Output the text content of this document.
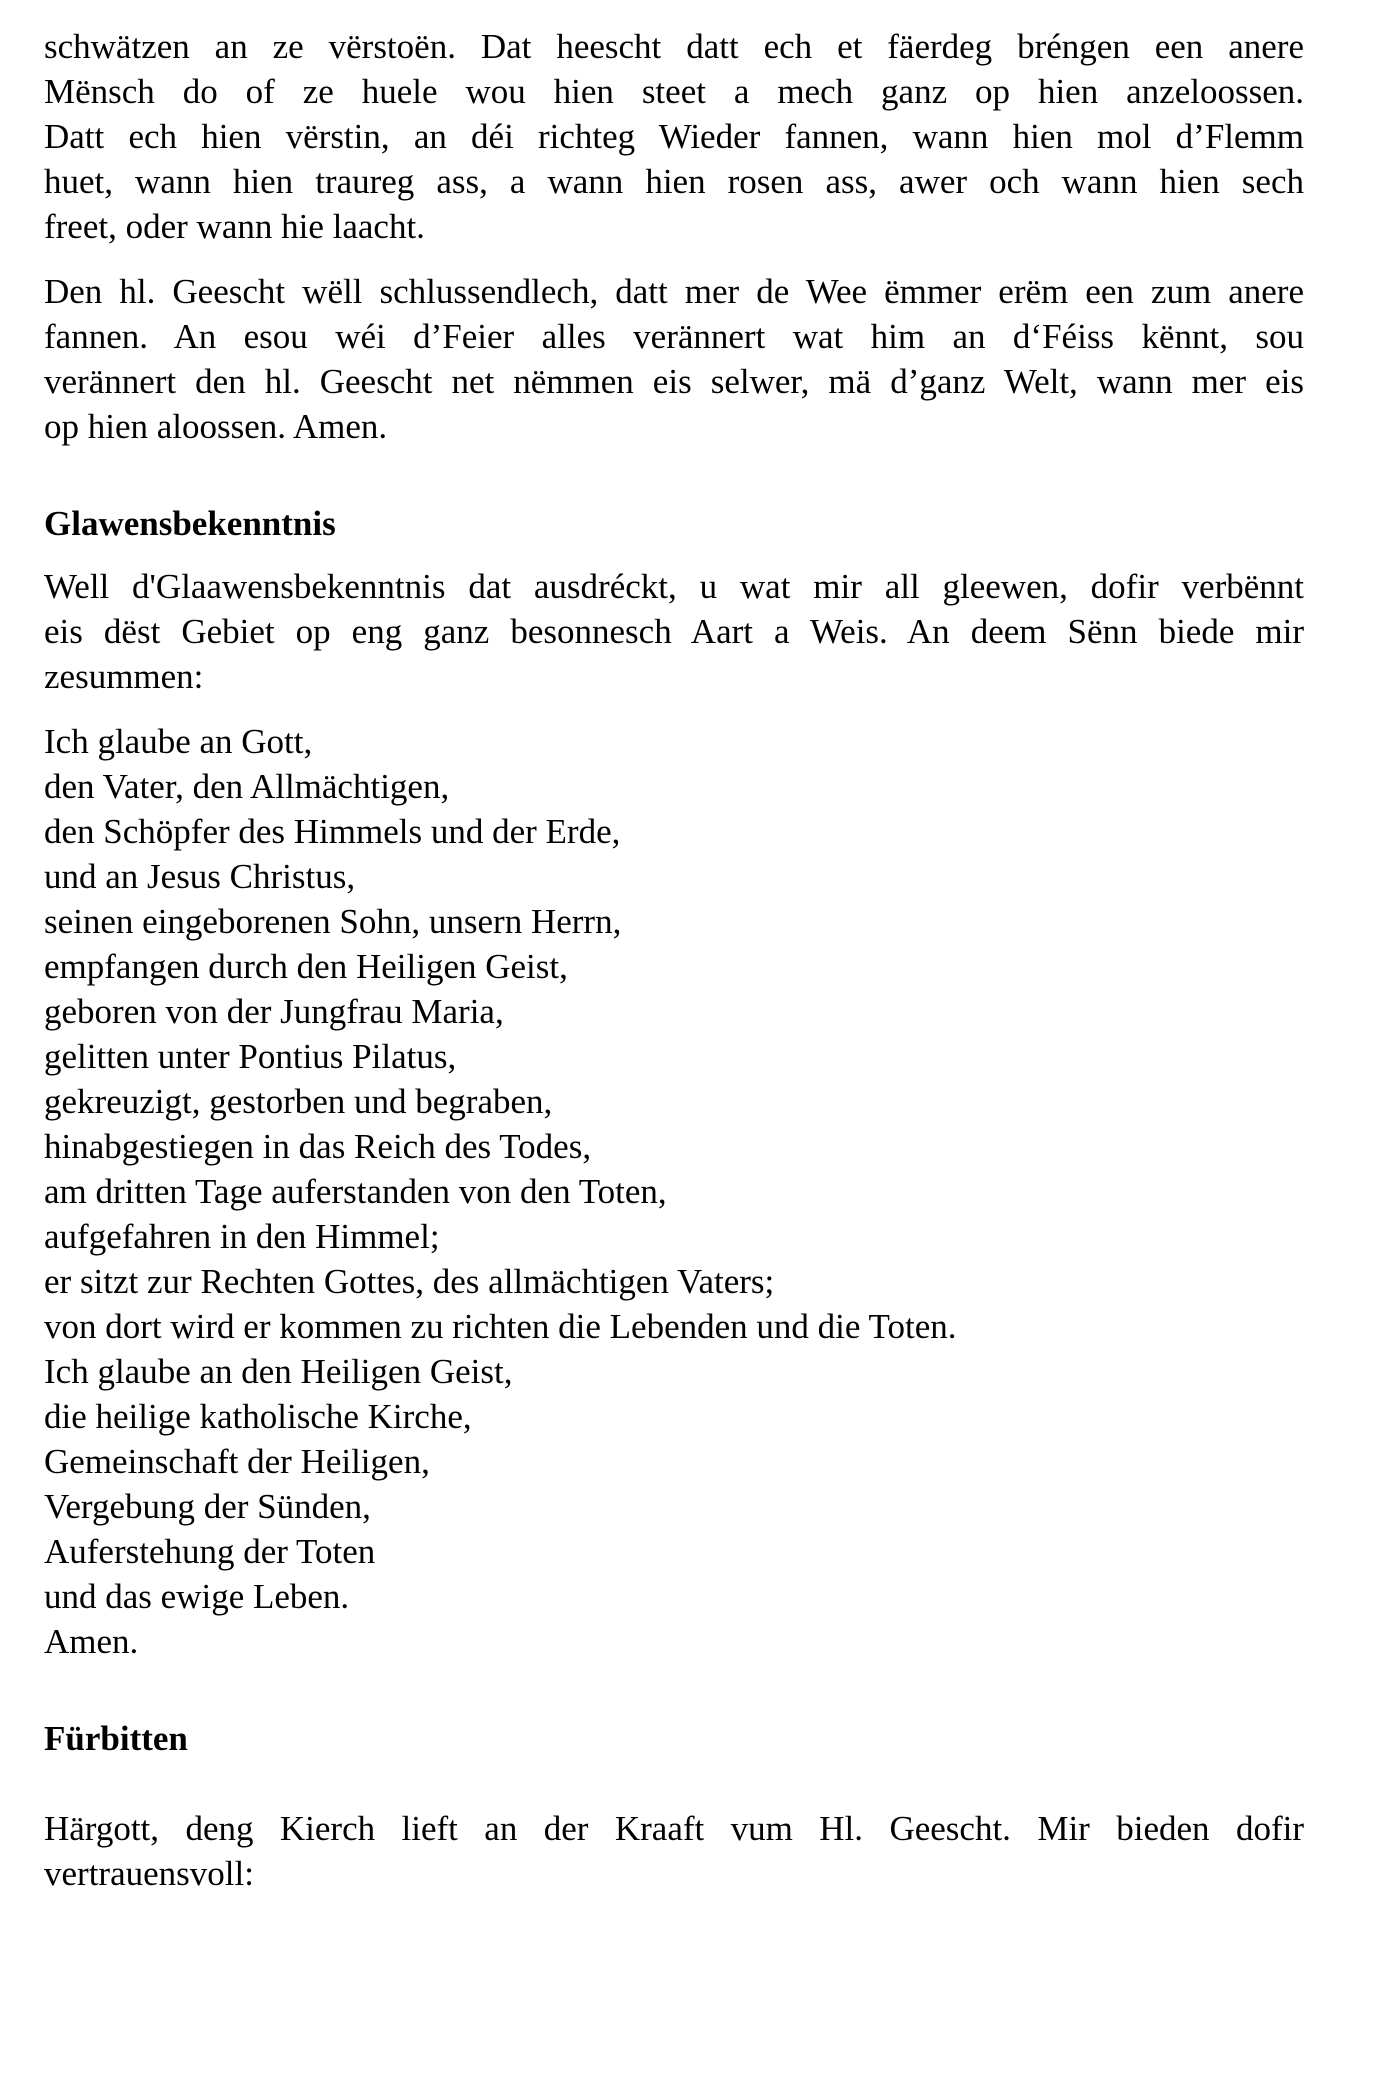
schwätzen an ze vërstoën. Dat heescht datt ech et fäerdeg bréngen een anere
Mënsch do of ze huele wou hien steet a mech ganz op hien anzeloossen.
Datt ech hien vërstin, an déi richteg Wieder fannen, wann hien mol d’Flemm
huet, wann hien traureg ass, a wann hien rosen ass, awer och wann hien sech
freet, oder wann hie laacht.

Den hl. Geescht wëll schlussendlech, datt mer de Wee ëmmer erëm een zum anere
fannen. An esou wéi d’Feier alles verännert wat him an d‘Féiss kënnt, sou
verännert den hl. Geescht net nëmmen eis selwer, mä d’ganz Welt, wann mer eis
op hien aloossen. Amen.

Glawensbekenntnis

Well d'Glaawensbekenntnis dat ausdréckt, u wat mir all gleewen, dofir verbënnt
eis dëst Gebiet op eng ganz besonnesch Aart a Weis. An deem Sënn biede mir
zesummen:

Ich glaube an Gott,
den Vater, den Allmächtigen,
den Schöpfer des Himmels und der Erde,
und an Jesus Christus,
seinen eingeborenen Sohn, unsern Herrn,
empfangen durch den Heiligen Geist,
geboren von der Jungfrau Maria,
gelitten unter Pontius Pilatus,
gekreuzigt, gestorben und begraben,
hinabgestiegen in das Reich des Todes,
am dritten Tage auferstanden von den Toten,
aufgefahren in den Himmel;
er sitzt zur Rechten Gottes, des allmächtigen Vaters;
von dort wird er kommen zu richten die Lebenden und die Toten.
Ich glaube an den Heiligen Geist,
die heilige katholische Kirche,
Gemeinschaft der Heiligen,
Vergebung der Sünden,
Auferstehung der Toten
und das ewige Leben.
Amen.
Fürbitten

Härgott, deng Kierch lieft an der Kraaft vum Hl. Geescht. Mir bieden dofir
vertrauensvoll:
